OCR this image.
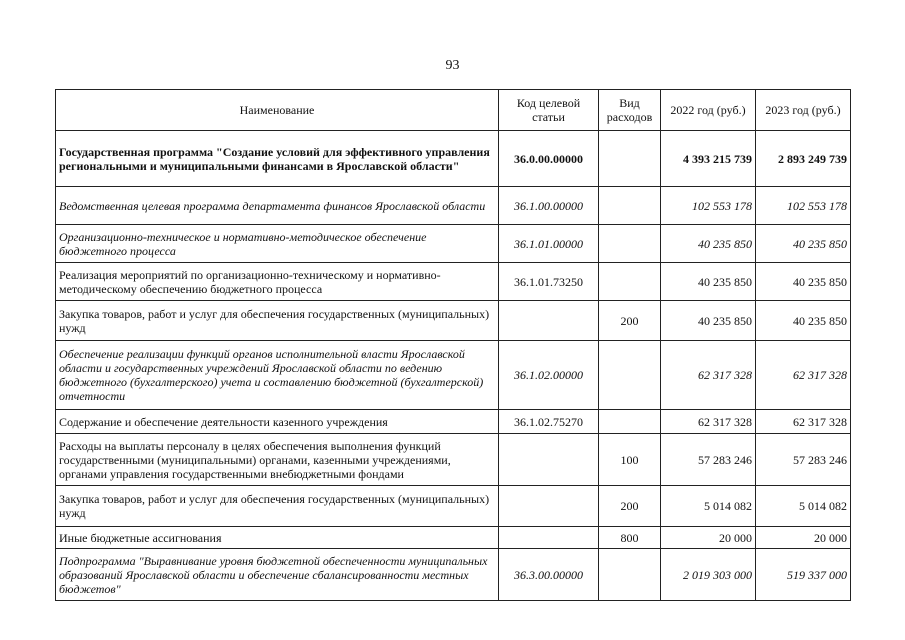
93
Наименование	Код целевой статьи	Вид расходов	2022 год (руб.)	2023 год (руб.)
Государственная программа "Создание условий для эффективного управления региональными и муниципальными финансами в Ярославской области"	36.0.00.00000		4 393 215 739	2 893 249 739
Ведомственная целевая программа департамента финансов Ярославской области	36.1.00.00000		102 553 178	102 553 178
Организационно-техническое и нормативно-методическое обеспечение бюджетного процесса	36.1.01.00000		40 235 850	40 235 850
Реализация мероприятий по организационно-техническому и нормативно-методическому обеспечению бюджетного процесса	36.1.01.73250		40 235 850	40 235 850
Закупка товаров, работ и услуг для обеспечения государственных (муниципальных) нужд		200	40 235 850	40 235 850
Обеспечение реализации функций органов исполнительной власти Ярославской области и государственных учреждений Ярославской области по ведению бюджетного (бухгалтерского) учета и составлению бюджетной (бухгалтерской) отчетности	36.1.02.00000		62 317 328	62 317 328
Содержание и обеспечение деятельности казенного учреждения	36.1.02.75270		62 317 328	62 317 328
Расходы на выплаты персоналу в целях обеспечения выполнения функций государственными (муниципальными) органами, казенными учреждениями, органами управления государственными внебюджетными фондами		100	57 283 246	57 283 246
Закупка товаров, работ и услуг для обеспечения государственных (муниципальных) нужд		200	5 014 082	5 014 082
Иные бюджетные ассигнования		800	20 000	20 000
Подпрограмма "Выравнивание уровня бюджетной обеспеченности муниципальных образований Ярославской области и обеспечение сбалансированности местных бюджетов"	36.3.00.00000		2 019 303 000	519 337 000
